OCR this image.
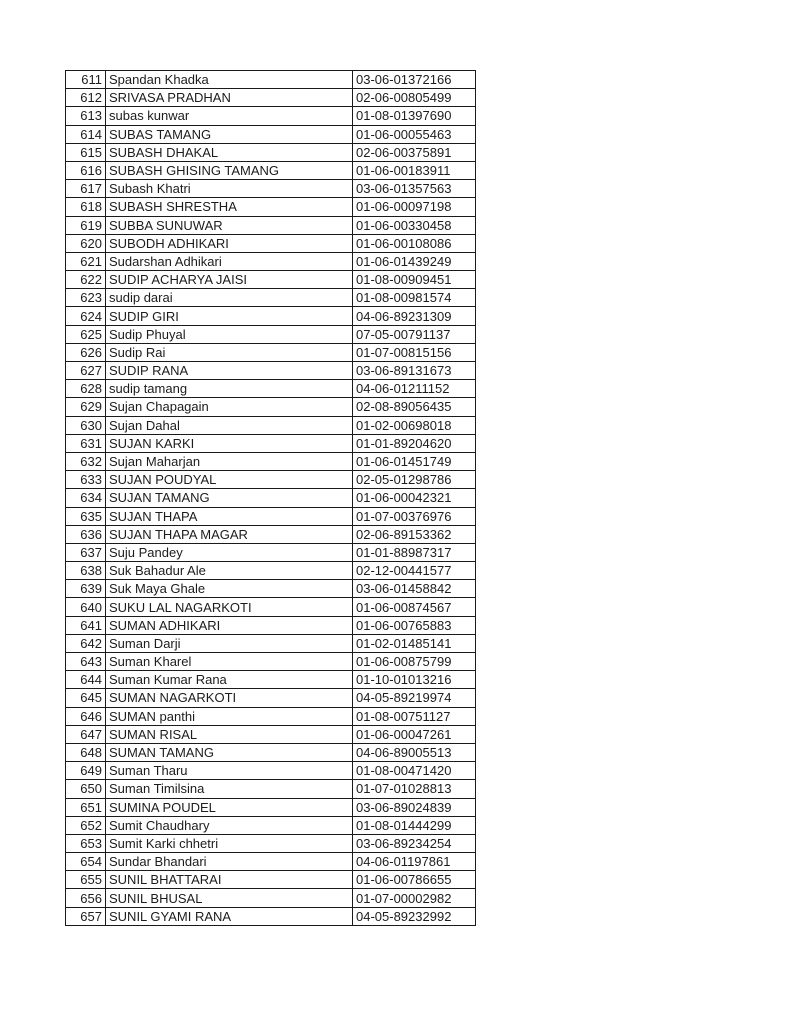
611	Spandan Khadka	03-06-01372166
612	SRIVASA PRADHAN	02-06-00805499
613	subas kunwar	01-08-01397690
614	SUBAS TAMANG	01-06-00055463
615	SUBASH DHAKAL	02-06-00375891
616	SUBASH GHISING TAMANG	01-06-00183911
617	Subash Khatri	03-06-01357563
618	SUBASH SHRESTHA	01-06-00097198
619	SUBBA SUNUWAR	01-06-00330458
620	SUBODH ADHIKARI	01-06-00108086
621	Sudarshan Adhikari	01-06-01439249
622	SUDIP ACHARYA JAISI	01-08-00909451
623	sudip darai	01-08-00981574
624	SUDIP GIRI	04-06-89231309
625	Sudip Phuyal	07-05-00791137
626	Sudip Rai	01-07-00815156
627	SUDIP RANA	03-06-89131673
628	sudip tamang	04-06-01211152
629	Sujan Chapagain	02-08-89056435
630	Sujan Dahal	01-02-00698018
631	SUJAN KARKI	01-01-89204620
632	Sujan Maharjan	01-06-01451749
633	SUJAN POUDYAL	02-05-01298786
634	SUJAN TAMANG	01-06-00042321
635	SUJAN THAPA	01-07-00376976
636	SUJAN THAPA MAGAR	02-06-89153362
637	Suju Pandey	01-01-88987317
638	Suk Bahadur Ale	02-12-00441577
639	Suk Maya Ghale	03-06-01458842
640	SUKU LAL NAGARKOTI	01-06-00874567
641	SUMAN ADHIKARI	01-06-00765883
642	Suman Darji	01-02-01485141
643	Suman Kharel	01-06-00875799
644	Suman Kumar Rana	01-10-01013216
645	SUMAN NAGARKOTI	04-05-89219974
646	SUMAN panthi	01-08-00751127
647	SUMAN RISAL	01-06-00047261
648	SUMAN TAMANG	04-06-89005513
649	Suman Tharu	01-08-00471420
650	Suman Timilsina	01-07-01028813
651	SUMINA POUDEL	03-06-89024839
652	Sumit Chaudhary	01-08-01444299
653	Sumit Karki chhetri	03-06-89234254
654	Sundar Bhandari	04-06-01197861
655	SUNIL BHATTARAI	01-06-00786655
656	SUNIL BHUSAL	01-07-00002982
657	SUNIL GYAMI RANA	04-05-89232992
